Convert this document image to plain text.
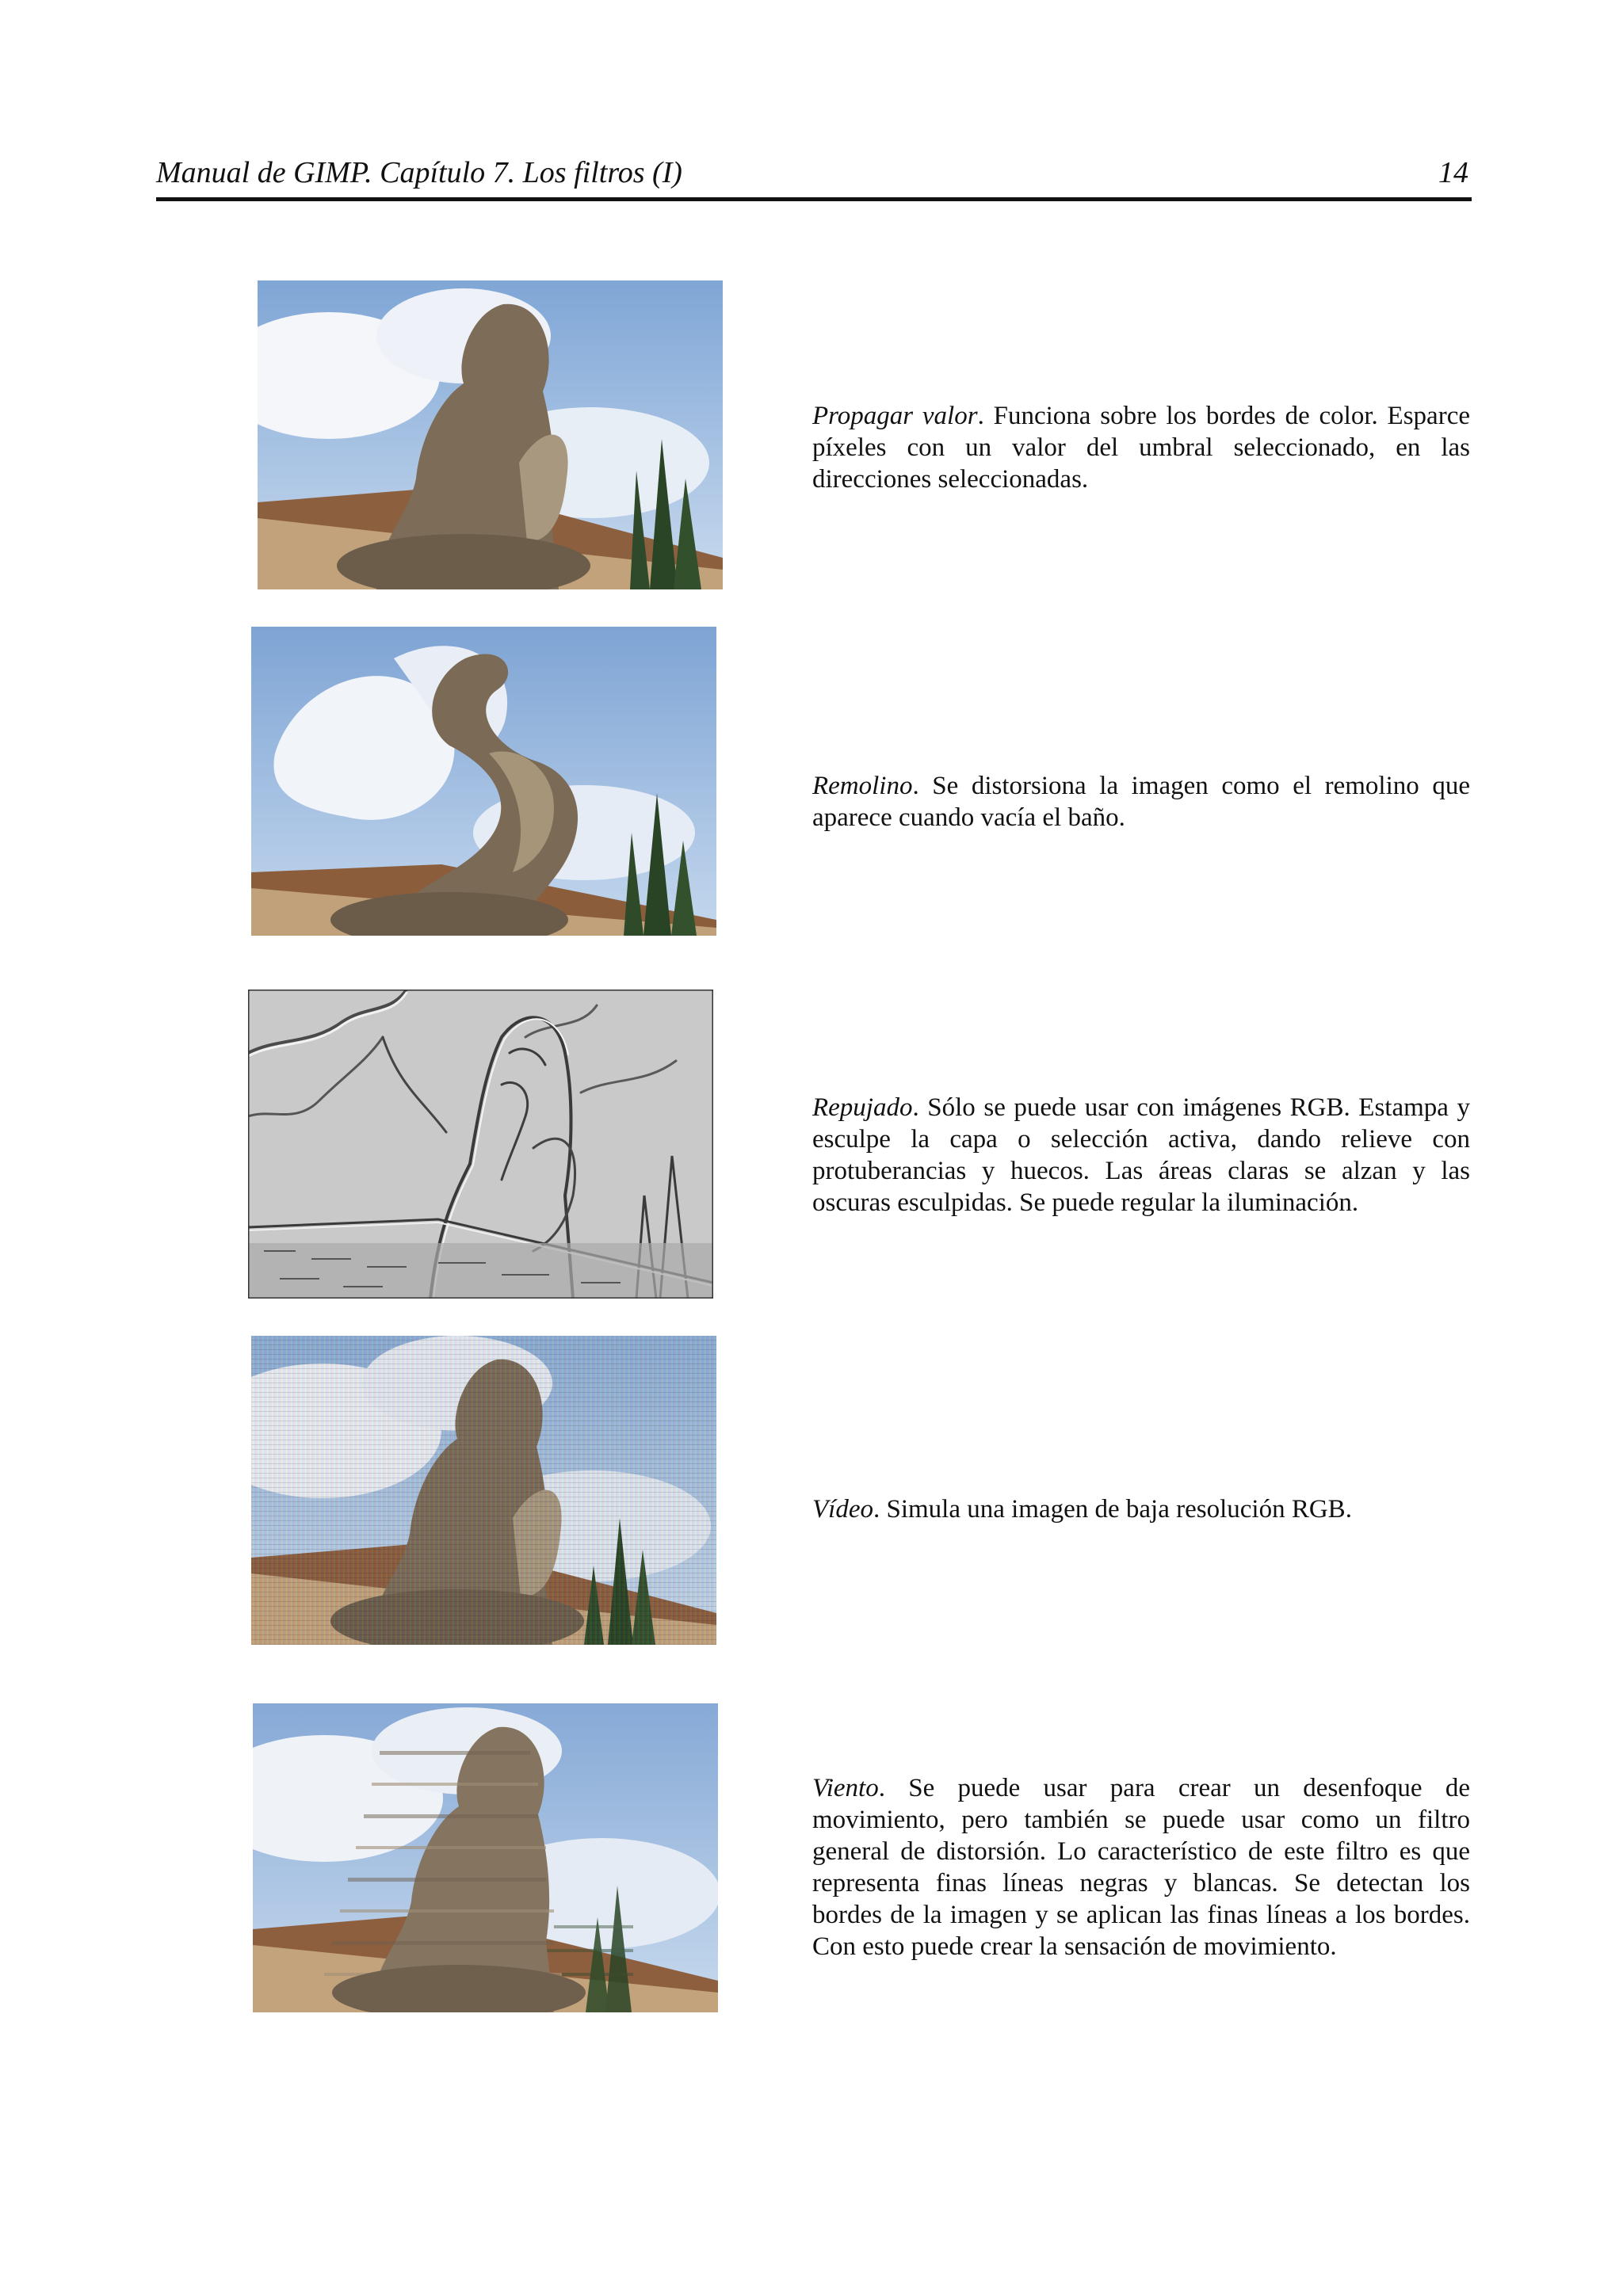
Manual de GIMP. Capítulo 7. Los filtros (I)	14
Propagar valor. Funciona sobre los bordes de color. Esparce píxeles con un valor del umbral seleccionado, en las direcciones seleccionadas.
Remolino. Se distorsiona la imagen como el remolino que aparece cuando vacía el baño.
Repujado. Sólo se puede usar con imágenes RGB. Estampa y esculpe la capa o selección activa, dando relieve con protuberancias y huecos. Las áreas claras se alzan y las oscuras esculpidas. Se puede regular la iluminación.
Vídeo. Simula una imagen de baja resolución RGB.
Viento. Se puede usar para crear un desenfoque de movimiento, pero también se puede usar como un filtro general de distorsión. Lo característico de este filtro es que representa finas líneas negras y blancas. Se detectan los bordes de la imagen y se aplican las finas líneas a los bordes. Con esto puede crear la sensación de movimiento.
